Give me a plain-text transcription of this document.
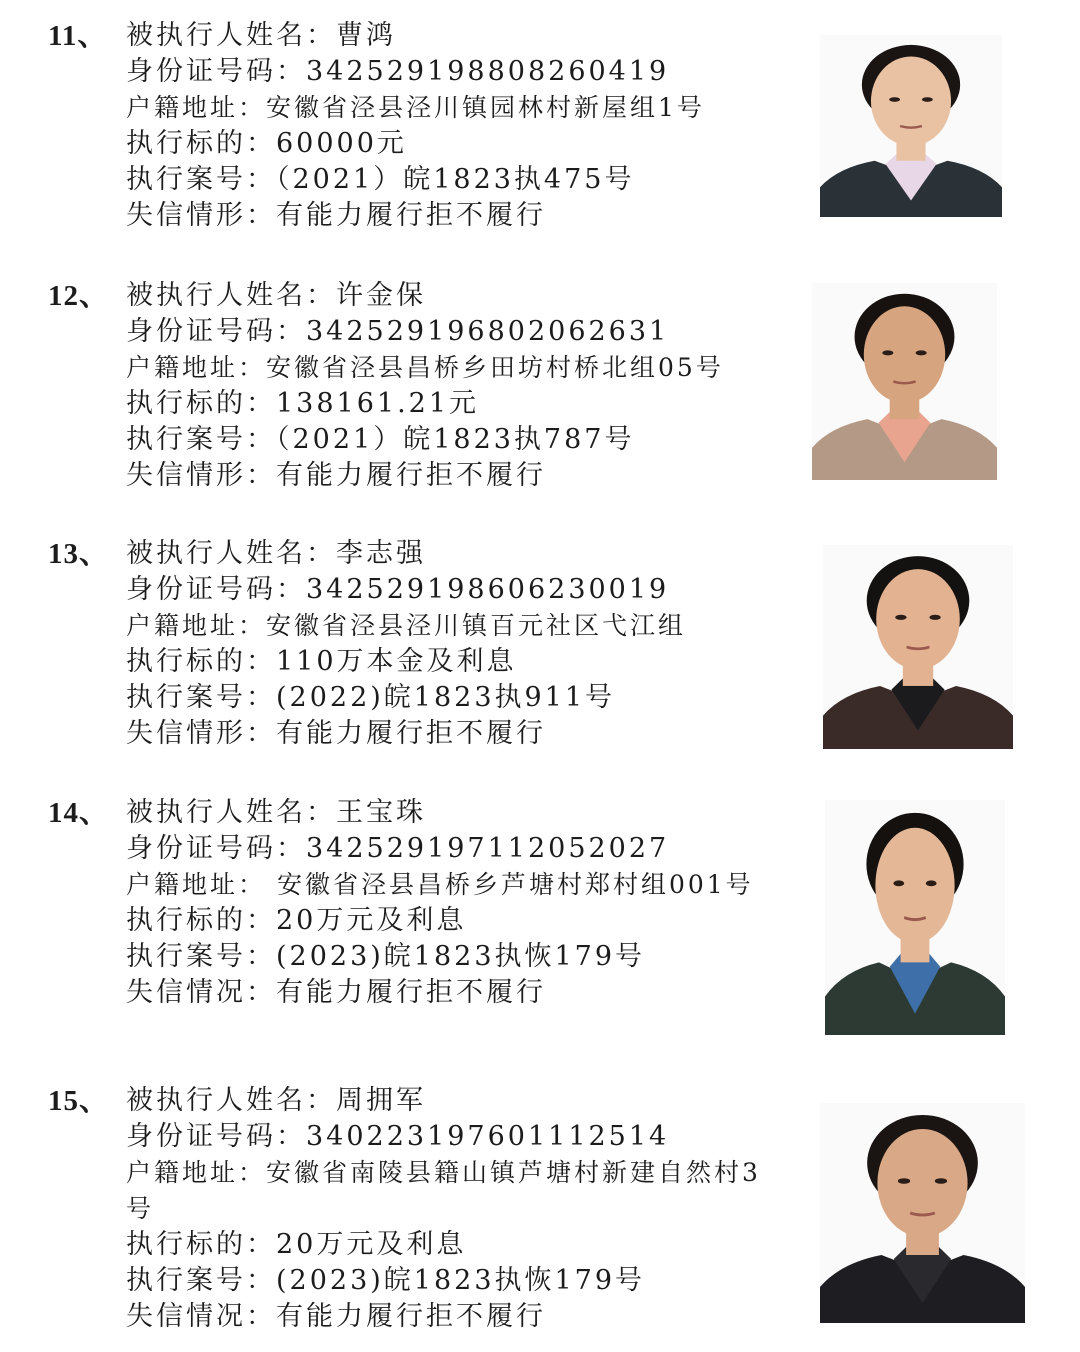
11、 被执行人姓名：曹鸿
身份证号码：342529198808260419
户籍地址：安徽省泾县泾川镇园林村新屋组1号
执行标的：60000元
执行案号：（2021）皖1823执475号
失信情形：有能力履行拒不履行
12、 被执行人姓名：许金保
身份证号码：342529196802062631
户籍地址：安徽省泾县昌桥乡田坊村桥北组05号
执行标的：138161.21元
执行案号：（2021）皖1823执787号
失信情形：有能力履行拒不履行
13、 被执行人姓名：李志强
身份证号码：342529198606230019
户籍地址：安徽省泾县泾川镇百元社区弋江组
执行标的：110万本金及利息
执行案号：(2022)皖1823执911号
失信情形：有能力履行拒不履行
14、 被执行人姓名：王宝珠
身份证号码：342529197112052027
户籍地址： 安徽省泾县昌桥乡芦塘村郑村组001号
执行标的：20万元及利息
执行案号：(2023)皖1823执恢179号
失信情况：有能力履行拒不履行
15、 被执行人姓名：周拥军
身份证号码：340223197601112514
户籍地址：安徽省南陵县籍山镇芦塘村新建自然村3号
执行标的：20万元及利息
执行案号：(2023)皖1823执恢179号
失信情况：有能力履行拒不履行
